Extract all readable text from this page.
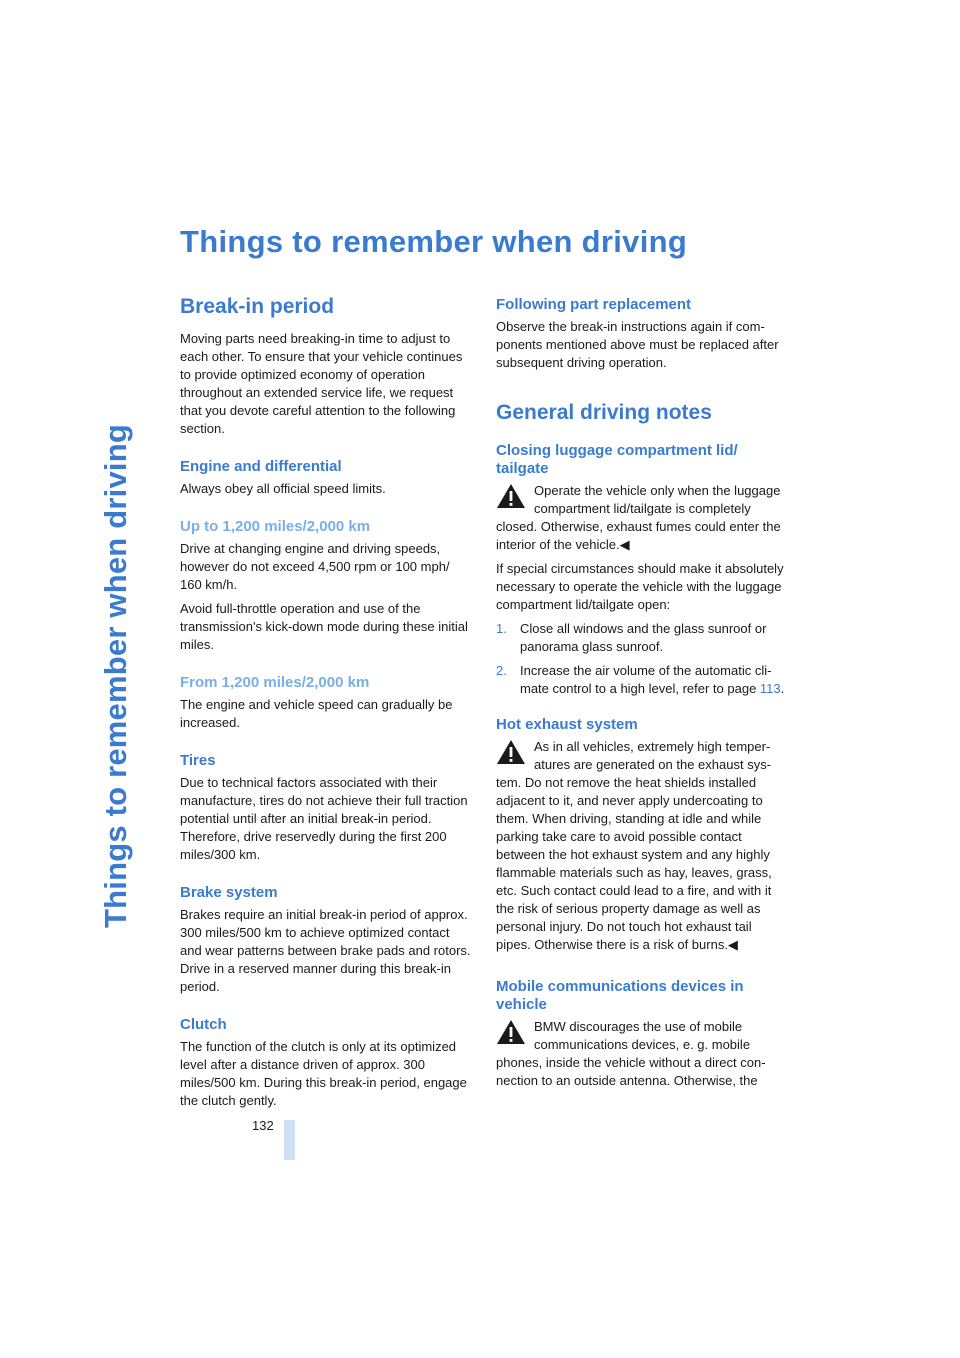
Things to remember when driving
Things to remember when driving
Break-in period

Moving parts need breaking-in time to adjust to each other. To ensure that your vehicle continues to provide optimized economy of operation throughout an extended service life, we request that you devote careful attention to the following section.

Engine and differential

Always obey all official speed limits.

Up to 1,200 miles/2,000 km

Drive at changing engine and driving speeds, however do not exceed 4,500 rpm or 100 mph/ 160 km/h.

Avoid full-throttle operation and use of the transmission's kick-down mode during these initial miles.

From 1,200 miles/2,000 km

The engine and vehicle speed can gradually be increased.

Tires

Due to technical factors associated with their manufacture, tires do not achieve their full traction potential until after an initial break-in period. Therefore, drive reservedly during the first 200 miles/300 km.

Brake system

Brakes require an initial break-in period of approx. 300 miles/500 km to achieve optimized contact and wear patterns between brake pads and rotors. Drive in a reserved manner during this break-in period.

Clutch

The function of the clutch is only at its optimized level after a distance driven of approx. 300 miles/500 km. During this break-in period, engage the clutch gently.

Following part replacement

Observe the break-in instructions again if components mentioned above must be replaced after subsequent driving operation.

General driving notes
Closing luggage compartment lid/ tailgate

Operate the vehicle only when the luggage compartment lid/tailgate is completely closed. Otherwise, exhaust fumes could enter the interior of the vehicle.◀

If special circumstances should make it absolutely necessary to operate the vehicle with the luggage compartment lid/tailgate open:

1. Close all windows and the glass sunroof or panorama glass sunroof.
2. Increase the air volume of the automatic climate control to a high level, refer to page 113.
Hot exhaust system

As in all vehicles, extremely high temperatures are generated on the exhaust system. Do not remove the heat shields installed adjacent to it, and never apply undercoating to them. When driving, standing at idle and while parking take care to avoid possible contact between the hot exhaust system and any highly flammable materials such as hay, leaves, grass, etc. Such contact could lead to a fire, and with it the risk of serious property damage as well as personal injury. Do not touch hot exhaust tail pipes. Otherwise there is a risk of burns.◀

Mobile communications devices in vehicle

BMW discourages the use of mobile communications devices, e. g. mobile phones, inside the vehicle without a direct connection to an outside antenna. Otherwise, the

132
